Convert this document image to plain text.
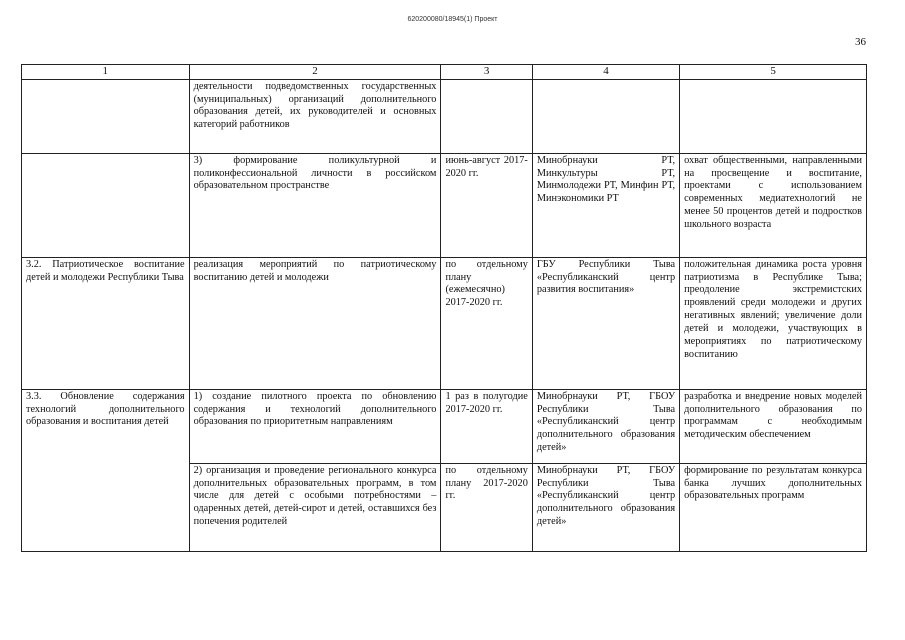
620200080/18945(1) Проект
36
1	2	3	4	5
	деятельности подведомственных государственных (муниципальных) организаций дополнительного образования детей, их руководителей и основных категорий работников			
	3) формирование поликультурной и поликонфессиональной личности в российском образовательном пространстве	июнь-август 2017-2020 гг.	Минобрнауки РТ, Минкультуры РТ, Минмолодежи РТ, Минфин РТ, Минэкономики РТ	охват общественными, направленными на просвещение и воспитание, проектами с использованием современных медиатехнологий не менее 50 процентов детей и подростков школьного возраста
3.2. Патриотическое воспитание детей и молодежи Республики Тыва	реализация мероприятий по патриотическому воспитанию детей и молодежи	по отдельному плану (ежемесячно) 2017-2020 гг.	ГБУ Республики Тыва «Республиканский центр развития воспитания»	положительная динамика роста уровня патриотизма в Республике Тыва; преодоление экстремистских проявлений среди молодежи и других негативных явлений; увеличение доли детей и молодежи, участвующих в мероприятиях по патриотическому воспитанию
3.3. Обновление содержания технологий дополнительного образования и воспитания детей	1) создание пилотного проекта по обновлению содержания и технологий дополнительного образования по приоритетным направлениям	1 раз в полугодие 2017-2020 гг.	Минобрнауки РТ, ГБОУ Республики Тыва «Республиканский центр дополнительного образования детей»	разработка и внедрение новых моделей дополнительного образования по программам с необходимым методическим обеспечением
	2) организация и проведение регионального конкурса дополнительных образовательных программ, в том числе для детей с особыми потребностями – одаренных детей, детей-сирот и детей, оставшихся без попечения родителей	по отдельному плану 2017-2020 гг.	Минобрнауки РТ, ГБОУ Республики Тыва «Республиканский центр дополнительного образования детей»	формирование по результатам конкурса банка лучших дополнительных образовательных программ
